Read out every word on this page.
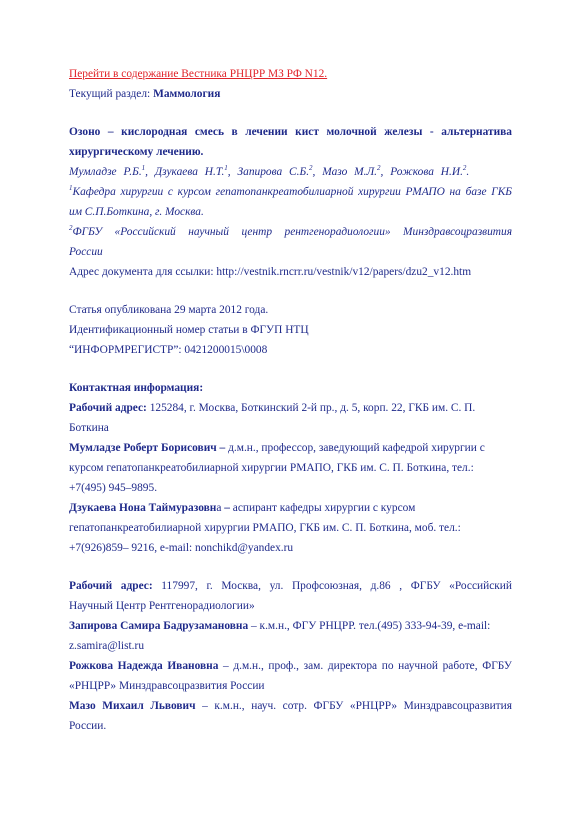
Перейти в содержание Вестника РНЦРР МЗ РФ N12.

Текущий раздел: Маммология

Озоно – кислородная смесь в лечении кист молочной железы - альтернатива

хирургическому лечению.

Мумладзе Р.Б.$^1$, Дзукаева Н.Т.$^1$, Запирова С.Б.$^2$, Мазо М.Л.$^2$, Рожкова Н.И.$^2$.

$^1$Кафедра хирургии с курсом гепатопанкреатобилиарной хирургии РМАПО на базе ГКБ

им С.П.Боткина, г. Москва.

$^2$ФГБУ «Российский научный центр рентгенорадиологии» Минздравсоцразвития

России

Адрес документа для ссылки: http://vestnik.rncrr.ru/vestnik/v12/papers/dzu2_v12.htm

Статья опубликована 29 марта 2012 года.

Идентификационный номер статьи в ФГУП НТЦ

“ИНФОРМРЕГИСТР”: 0421200015\0008

Контактная информация:

Рабочий адрес: 125284, г. Москва, Боткинский 2-й пр., д. 5, корп. 22, ГКБ им. С. П.

Боткина

Мумладзе Роберт Борисович – д.м.н., профессор, заведующий кафедрой хирургии с

курсом гепатопанкреатобилиарной хирургии РМАПО, ГКБ им. С. П. Боткина, тел.:

+7(495) 945–9895.

Дзукаева Нона Таймуразовна – аспирант кафедры хирургии с курсом

гепатопанкреатобилиарной хирургии РМАПО, ГКБ им. С. П. Боткина, моб. тел.:

+7(926)859– 9216, e-mail: nonchikd@yandex.ru

Рабочий адрес: 117997, г. Москва, ул. Профсоюзная, д.86 , ФГБУ «Российский

Научный Центр Рентгенорадиологии»

Запирова Самира Бадрузамановна – к.м.н., ФГУ РНЦРР. тел.(495) 333-94-39, e-mail:

z.samira@list.ru

Рожкова Надежда Ивановна – д.м.н., проф., зам. директора по научной работе, ФГБУ

«РНЦРР» Минздравсоцразвития России

Мазо Михаил Львович – к.м.н., науч. сотр. ФГБУ «РНЦРР» Минздравсоцразвития

России.
